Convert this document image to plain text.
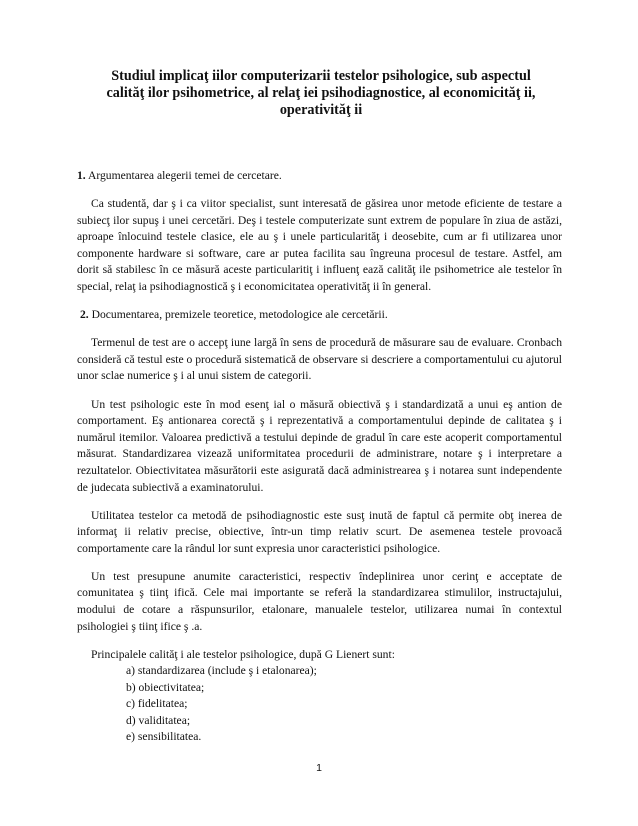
Studiul implicaţ iilor computerizarii testelor psihologice, sub aspectul
calităţ ilor psihometrice, al relaţ iei psihodiagnostice, al economicităţ ii,
operativităţ ii

1. Argumentarea alegerii temei de cercetare.

Ca studentă, dar ş i ca viitor specialist, sunt interesată de găsirea unor metode eficiente de testare a subiecţ ilor supuş i unei cercetări. Deş i testele computerizate sunt extrem de populare în ziua de astăzi, aproape înlocuind testele clasice, ele au ş i unele particularităţ i deosebite, cum ar fi utilizarea unor componente hardware si software, care ar putea facilita sau îngreuna procesul de testare. Astfel, am dorit să stabilesc în ce măsură aceste particularitiţ i influenţ ează calităţ ile psihometrice ale testelor în special, relaţ ia psihodiagnostică ş i economicitatea operativităţ ii în general.

2. Documentarea, premizele teoretice, metodologice ale cercetării.

Termenul de test are o accepţ iune largă în sens de procedură de măsurare sau de evaluare. Cronbach consideră că testul este o procedură sistematică de observare si descriere a comportamentului cu ajutorul unor sclae numerice ş i al unui sistem de categorii.

Un test psihologic este în mod esenţ ial o măsură obiectivă ş i standardizată a unui eş antion de comportament. Eş antionarea corectă ş i reprezentativă a comportamentului depinde de calitatea ş i numărul itemilor. Valoarea predictivă a testului depinde de gradul în care este acoperit comportamentul măsurat. Standardizarea vizează uniformitatea procedurii de administrare, notare ş i interpretare a rezultatelor. Obiectivitatea măsurătorii este asigurată dacă administrearea ş i notarea sunt independente de judecata subiectivă a examinatorului.

Utilitatea testelor ca metodă de psihodiagnostic este susţ inută de faptul că permite obţ inerea de informaţ ii relativ precise, obiective, într-un timp relativ scurt. De asemenea testele provoacă comportamente care la rândul lor sunt expresia unor caracteristici psihologice.

Un test presupune anumite caracteristici, respectiv îndeplinirea unor cerinţ e acceptate de comunitatea ş tiinţ ifică. Cele mai importante se referă la standardizarea stimulilor, instructajului, modului de cotare a răspunsurilor, etalonare, manualele testelor, utilizarea numai în contextul psihologiei ş tiinţ ifice ş .a.

Principalele calităţ i ale testelor psihologice, după G Lienert sunt:

a) standardizarea (include ş i etalonarea);
b) obiectivitatea;
c) fidelitatea;
d) validitatea;
e) sensibilitatea.
1
